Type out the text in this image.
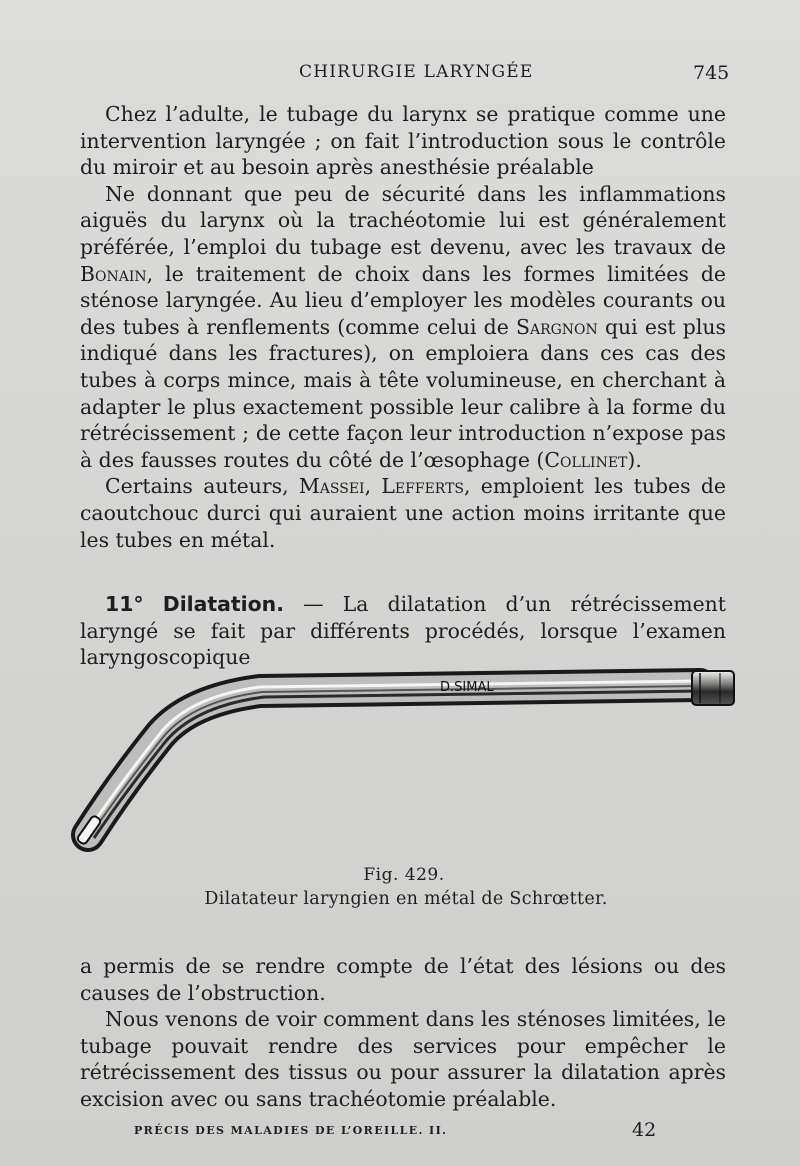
CHIRURGIE LARYNGÉE	745

Chez l’adulte, le tubage du larynx se pratique comme une intervention laryngée ; on fait l’introduction sous le contrôle du miroir et au besoin après anesthésie préalable

Ne donnant que peu de sécurité dans les inflammations aiguës du larynx où la trachéotomie lui est généralement préférée, l’emploi du tubage est devenu, avec les travaux de Bonain, le traitement de choix dans les formes limitées de sténose laryngée. Au lieu d’employer les modèles courants ou des tubes à renflements (comme celui de Sargnon qui est plus indiqué dans les fractures), on emploiera dans ces cas des tubes à corps mince, mais à tête volumineuse, en cherchant à adapter le plus exactement possible leur calibre à la forme du rétrécissement ; de cette façon leur introduction n’expose pas à des fausses routes du côté de l’œsophage (Collinet).

Certains auteurs, Massei, Lefferts, emploient les tubes de caoutchouc durci qui auraient une action moins irritante que les tubes en métal.

11° Dilatation. — La dilatation d’un rétrécissement laryngé se fait par différents procédés, lorsque l’examen laryngoscopique

D.SIMAL
Fig. 429.
Dilatateur laryngien en métal de Schrœtter.

a permis de se rendre compte de l’état des lésions ou des causes de l’obstruction.

Nous venons de voir comment dans les sténoses limitées, le tubage pouvait rendre des services pour empêcher le rétrécissement des tissus ou pour assurer la dilatation après excision avec ou sans trachéotomie préalable.

PRÉCIS DES MALADIES DE L’OREILLE. II.	42
